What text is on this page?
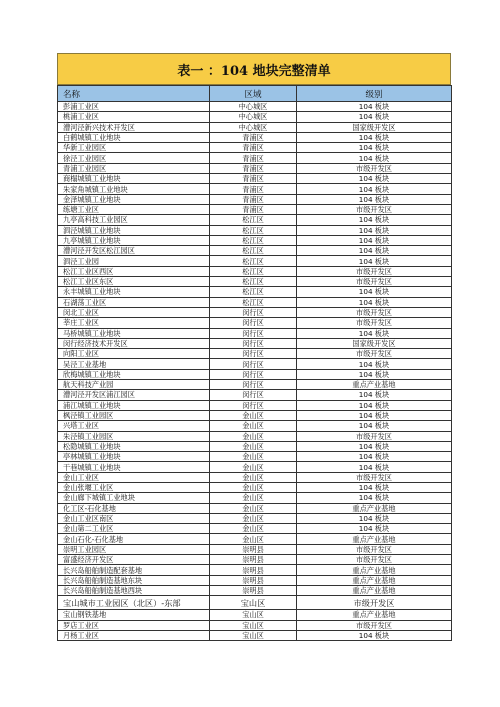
表一 ：104 地块完整清单
名称	区域	级别
彭浦工业区	中心城区	104 板块
桃浦工业区	中心城区	104 板块
漕河泾新兴技术开发区	中心城区	国家级开发区
白鹤城镇工业地块	青浦区	104 板块
华新工业园区	青浦区	104 板块
徐泾工业园区	青浦区	104 板块
青浦工业园区	青浦区	市级开发区
商榻城镇工业地块	青浦区	104 板块
朱家角城镇工业地块	青浦区	104 板块
金泽城镇工业地块	青浦区	104 板块
练塘工业区	青浦区	市级开发区
九亭高科技工业园区	松江区	104 板块
泗泾城镇工业地块	松江区	104 板块
九亭城镇工业地块	松江区	104 板块
漕河泾开发区松江园区	松江区	104 板块
泗泾工业园	松江区	104 板块
松江工业区西区	松江区	市级开发区
松江工业区东区	松江区	市级开发区
永丰城镇工业地块	松江区	104 板块
石湖荡工业区	松江区	104 板块
闵北工业区	闵行区	市级开发区
莘庄工业区	闵行区	市级开发区
马桥城镇工业地块	闵行区	104 板块
闵行经济技术开发区	闵行区	国家级开发区
向阳工业区	闵行区	市级开发区
吴泾工业基地	闵行区	104 板块
欣梅城镇工业地块	闵行区	104 板块
航天科技产业园	闵行区	重点产业基地
漕河泾开发区浦江园区	闵行区	104 板块
浦江城镇工业地块	闵行区	104 板块
枫泾镇工业园区	金山区	104 板块
兴塔工业区	金山区	104 板块
朱泾镇工业园区	金山区	市级开发区
松隐城镇工业地块	金山区	104 板块
亭林城镇工业地块	金山区	104 板块
干巷城镇工业地块	金山区	104 板块
金山工业区	金山区	市级开发区
金山张堰工业区	金山区	104 板块
金山廊下城镇工业地块	金山区	104 板块
化工区-石化基地	金山区	重点产业基地
金山工业区南区	金山区	104 板块
金山第二工业区	金山区	104 板块
金山石化-石化基地	金山区	重点产业基地
崇明工业园区	崇明县	市级开发区
富盛经济开发区	崇明县	市级开发区
长兴岛船舶制造配套基地	崇明县	重点产业基地
长兴岛船舶制造基地东块	崇明县	重点产业基地
长兴岛船舶制造基地西块	崇明县	重点产业基地
宝山城市工业园区（北区）-东部	宝山区	市级开发区
宝山钢铁基地	宝山区	重点产业基地
罗店工业区	宝山区	市级开发区
月杨工业区	宝山区	104 板块
